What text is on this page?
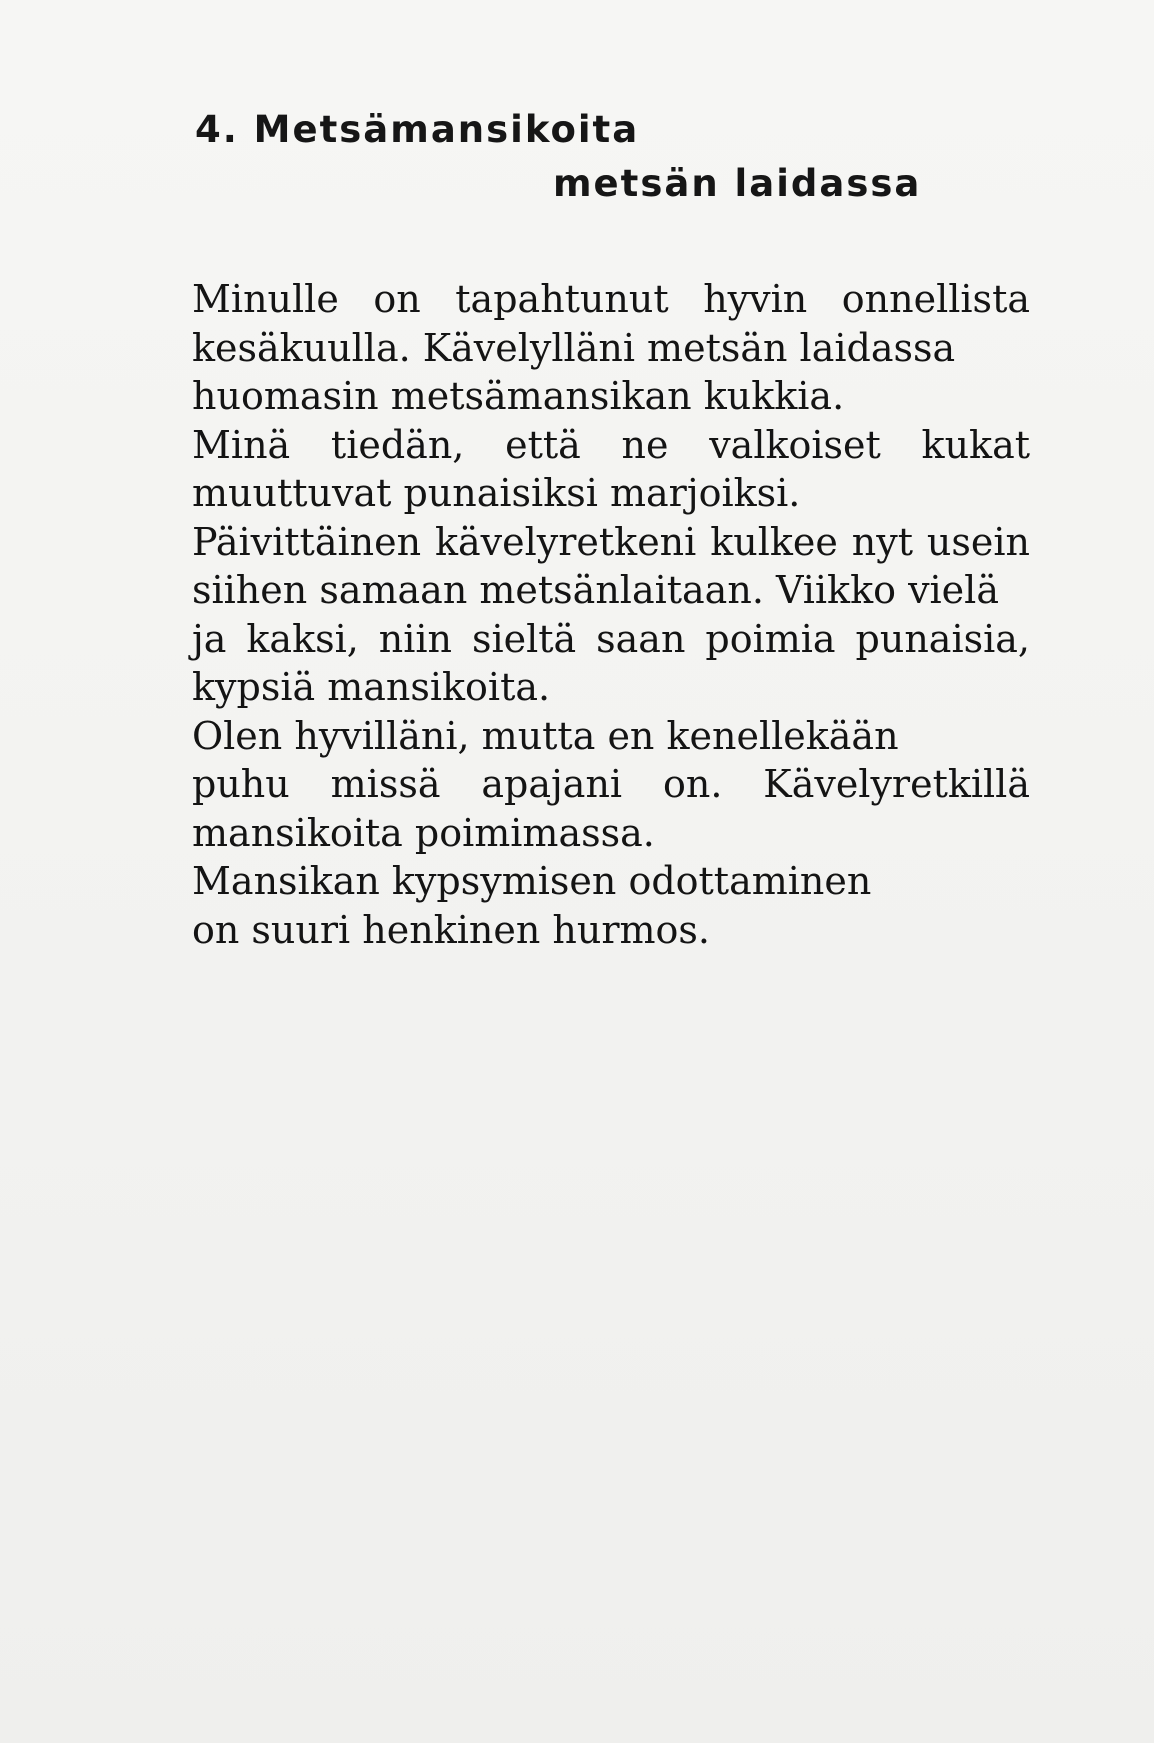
4. Metsämansikoita
metsän laidassa
Minulle on tapahtunut hyvin onnellista
kesäkuulla. Kävelylläni metsän laidassa
huomasin metsämansikan kukkia.
Minä tiedän, että ne valkoiset kukat
muuttuvat punaisiksi marjoiksi.
Päivittäinen kävelyretkeni kulkee nyt usein
siihen samaan metsänlaitaan. Viikko vielä
ja kaksi, niin sieltä saan poimia punaisia,
kypsiä mansikoita.
Olen hyvilläni, mutta en kenellekään
puhu missä apajani on. Kävelyretkillä
mansikoita poimimassa.
Mansikan kypsymisen odottaminen
on suuri henkinen hurmos.
